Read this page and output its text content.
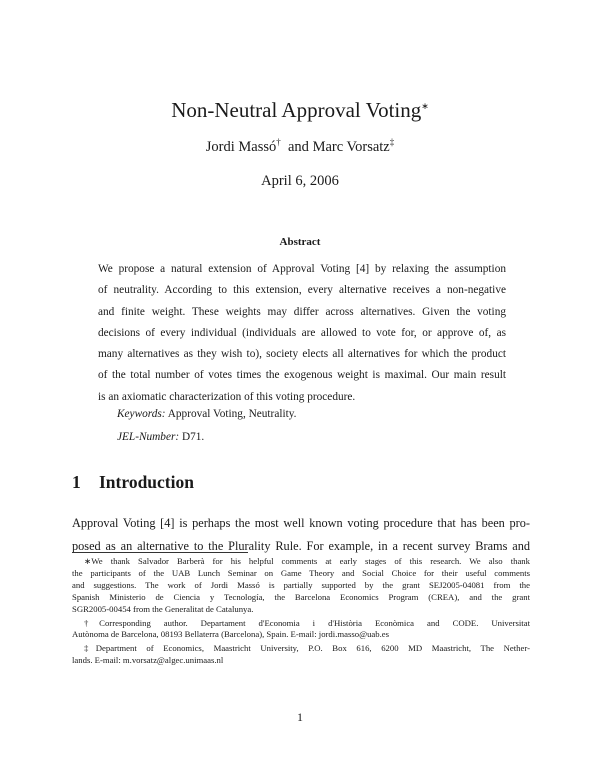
Non-Neutral Approval Voting∗
Jordi Massó† and Marc Vorsatz‡
April 6, 2006
Abstract
We propose a natural extension of Approval Voting [4] by relaxing the assumption
of neutrality. According to this extension, every alternative receives a non-negative
and finite weight. These weights may differ across alternatives. Given the voting
decisions of every individual (individuals are allowed to vote for, or approve of, as
many alternatives as they wish to), society elects all alternatives for which the product
of the total number of votes times the exogenous weight is maximal. Our main result
is an axiomatic characterization of this voting procedure.
Keywords: Approval Voting, Neutrality.
JEL-Number: D71.
1 Introduction
Approval Voting [4] is perhaps the most well known voting procedure that has been pro-
posed as an alternative to the Plurality Rule. For example, in a recent survey Brams and
∗We thank Salvador Barberà for his helpful comments at early stages of this research. We also thank
the participants of the UAB Lunch Seminar on Game Theory and Social Choice for their useful comments
and suggestions. The work of Jordi Massó is partially supported by the grant SEJ2005-04081 from the
Spanish Ministerio de Ciencia y Tecnología, the Barcelona Economics Program (CREA), and the grant
SGR2005-00454 from the Generalitat de Catalunya.
†Corresponding author. Departament d'Economia i d'Història Econòmica and CODE. Universitat
Autònoma de Barcelona, 08193 Bellaterra (Barcelona), Spain. E-mail: jordi.masso@uab.es
‡Department of Economics, Maastricht University, P.O. Box 616, 6200 MD Maastricht, The Nether-
lands. E-mail: m.vorsatz@algec.unimaas.nl
1
